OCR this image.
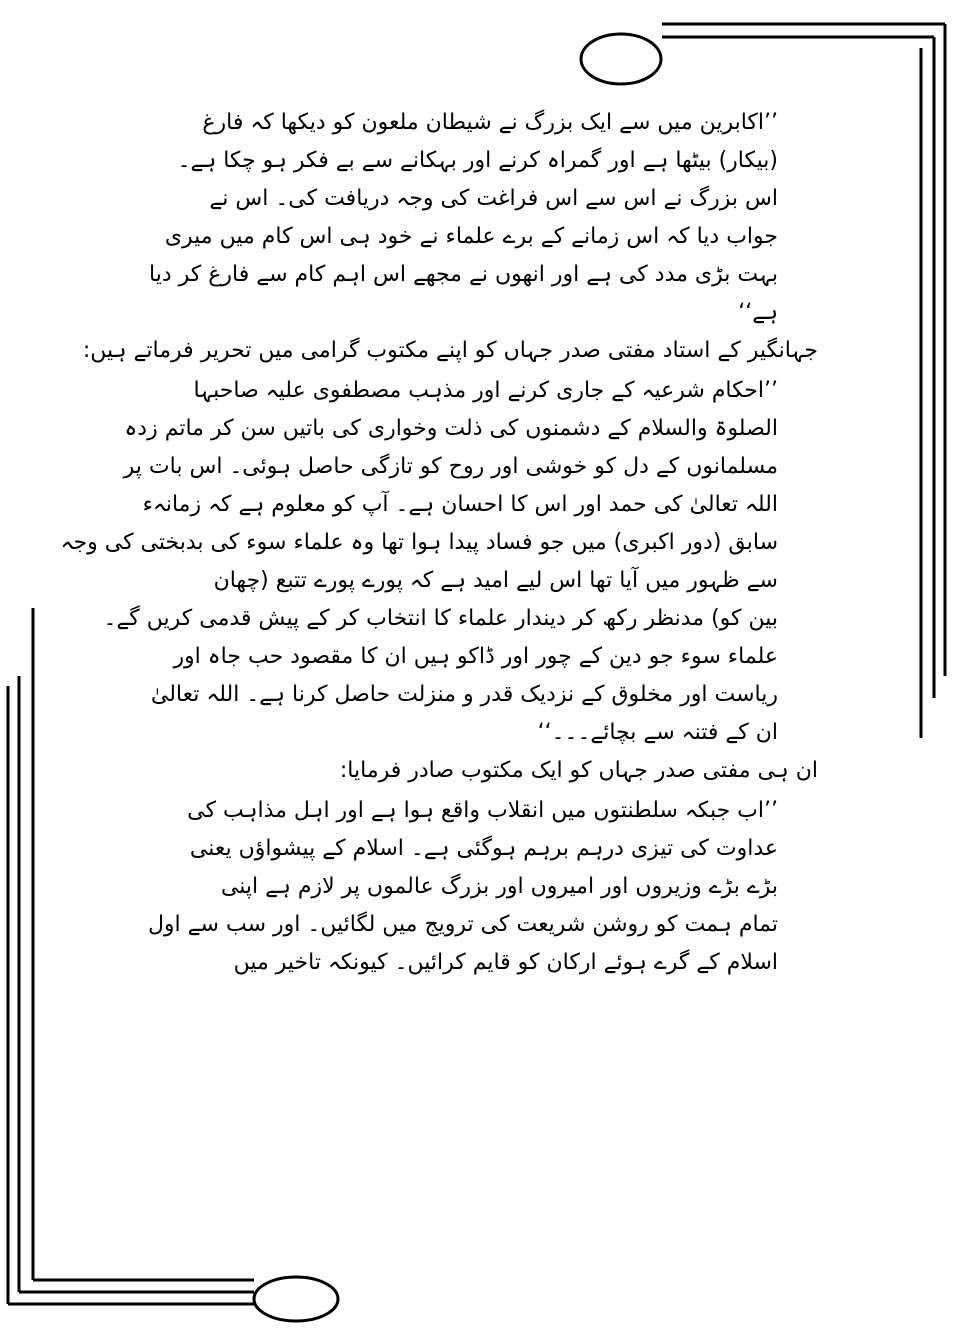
’’اکابرین میں سے ایک بزرگ نے شیطان ملعون کو دیکھا کہ فارغ
(بیکار) بیٹھا ہے اور گمراہ کرنے اور بہکانے سے بے فکر ہو چکا ہے۔
اس بزرگ نے اس سے اس فراغت کی وجہ دریافت کی۔ اس نے
جواب دیا کہ اس زمانے کے برے علماء نے خود ہی اس کام میں میری
بہت بڑی مدد کی ہے اور انھوں نے مجھے اس اہم کام سے فارغ کر دیا
ہے‘‘
جہانگیر کے استاد مفتی صدر جہاں کو اپنے مکتوب گرامی میں تحریر فرماتے ہیں:
’’احکام شرعیہ کے جاری کرنے اور مذہب مصطفوی علیہ صاحبہا
الصلوۃ والسلام کے دشمنوں کی ذلت وخواری کی باتیں سن کر ماتم زدہ
مسلمانوں کے دل کو خوشی اور روح کو تازگی حاصل ہوئی۔ اس بات پر
اللہ تعالیٰ کی حمد اور اس کا احسان ہے۔ آپ کو معلوم ہے کہ زمانہء
سابق (دور اکبری) میں جو فساد پیدا ہوا تھا وہ علماء سوء کی بدبختی کی وجہ
سے ظہور میں آیا تھا اس لیے امید ہے کہ پورے پورے تتبع (چھان
بین کو) مدنظر رکھ کر دیندار علماء کا انتخاب کر کے پیش قدمی کریں گے۔
علماء سوء جو دین کے چور اور ڈاکو ہیں ان کا مقصود حب جاہ اور
ریاست اور مخلوق کے نزدیک قدر و منزلت حاصل کرنا ہے۔ اللہ تعالیٰ
ان کے فتنہ سے بچائے۔۔۔‘‘
ان ہی مفتی صدر جہاں کو ایک مکتوب صادر فرمایا:
’’اب جبکہ سلطنتوں میں انقلاب واقع ہوا ہے اور اہل مذاہب کی
عداوت کی تیزی درہم برہم ہوگئی ہے۔ اسلام کے پیشواؤں یعنی
بڑے بڑے وزیروں اور امیروں اور بزرگ عالموں پر لازم ہے اپنی
تمام ہمت کو روشن شریعت کی ترویج میں لگائیں۔ اور سب سے اول
اسلام کے گرے ہوئے ارکان کو قایم کرائیں۔ کیونکہ تاخیر میں
